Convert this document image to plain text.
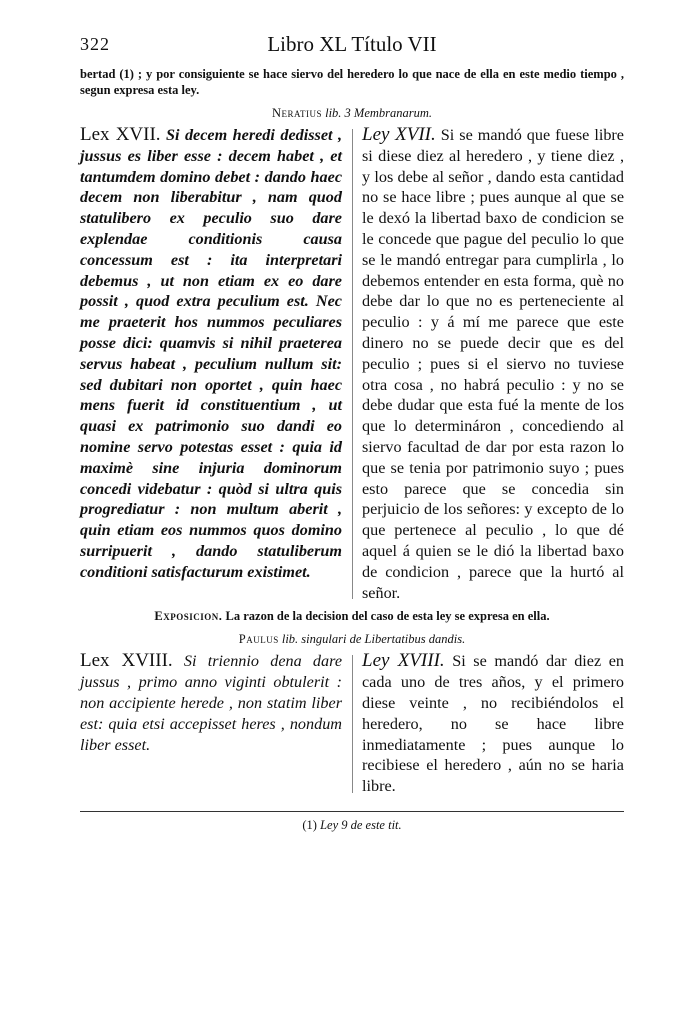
322	Libro XL Título VII
bertad (1) ; y por consiguiente se hace siervo del heredero lo que nace de ella en este medio tiempo , segun expresa esta ley.
Neratius lib. 3 Membranarum.
Lex XVII. Si decem heredi dedisset , jussus es liber esse : decem habet , et tantumdem domino debet : dando haec decem non liberabitur , nam quod statulibero ex peculio suo dare explendae conditionis causa concessum est : ita interpretari debemus , ut non etiam ex eo dare possit , quod extra peculium est. Nec me praeterit hos nummos peculiares posse dici: quamvis si nihil praeterea servus habeat , peculium nullum sit: sed dubitari non oportet , quin haec mens fuerit id constituentium , ut quasi ex patrimonio suo dandi eo nomine servo potestas esset : quia id maximè sine injuria dominorum concedi videbatur : quòd si ultra quis progrediatur : non multum aberit , quin etiam eos nummos quos domino surripuerit , dando statuliberum conditioni satisfacturum existimet.
Ley XVII. Si se mandó que fuese libre si diese diez al heredero , y tiene diez , y los debe al señor , dando esta cantidad no se hace libre ; pues aunque al que se le dexó la libertad baxo de condicion se le concede que pague del peculio lo que se le mandó entregar para cumplirla , lo debemos entender en esta forma, què no debe dar lo que no es perteneciente al peculio : y á mí me parece que este dinero no se puede decir que es del peculio ; pues si el siervo no tuviese otra cosa , no habrá peculio : y no se debe dudar que esta fué la mente de los que lo determináron , concediendo al siervo facultad de dar por esta razon lo que se tenia por patrimonio suyo ; pues esto parece que se concedia sin perjuicio de los señores: y excepto de lo que pertenece al peculio , lo que dé aquel á quien se le dió la libertad baxo de condicion , parece que la hurtó al señor.
Exposicion. La razon de la decision del caso de esta ley se expresa en ella.
Paulus lib. singulari de Libertatibus dandis.
Lex XVIII. Si triennio dena dare jussus , primo anno viginti obtulerit : non accipiente herede , non statim liber est: quia etsi accepisset heres , nondum liber esset.
Ley XVIII. Si se mandó dar diez en cada uno de tres años, y el primero diese veinte , no recibiéndolos el heredero, no se hace libre inmediatamente ; pues aunque lo recibiese el heredero , aún no se haria libre.
(1) Ley 9 de este tit.
